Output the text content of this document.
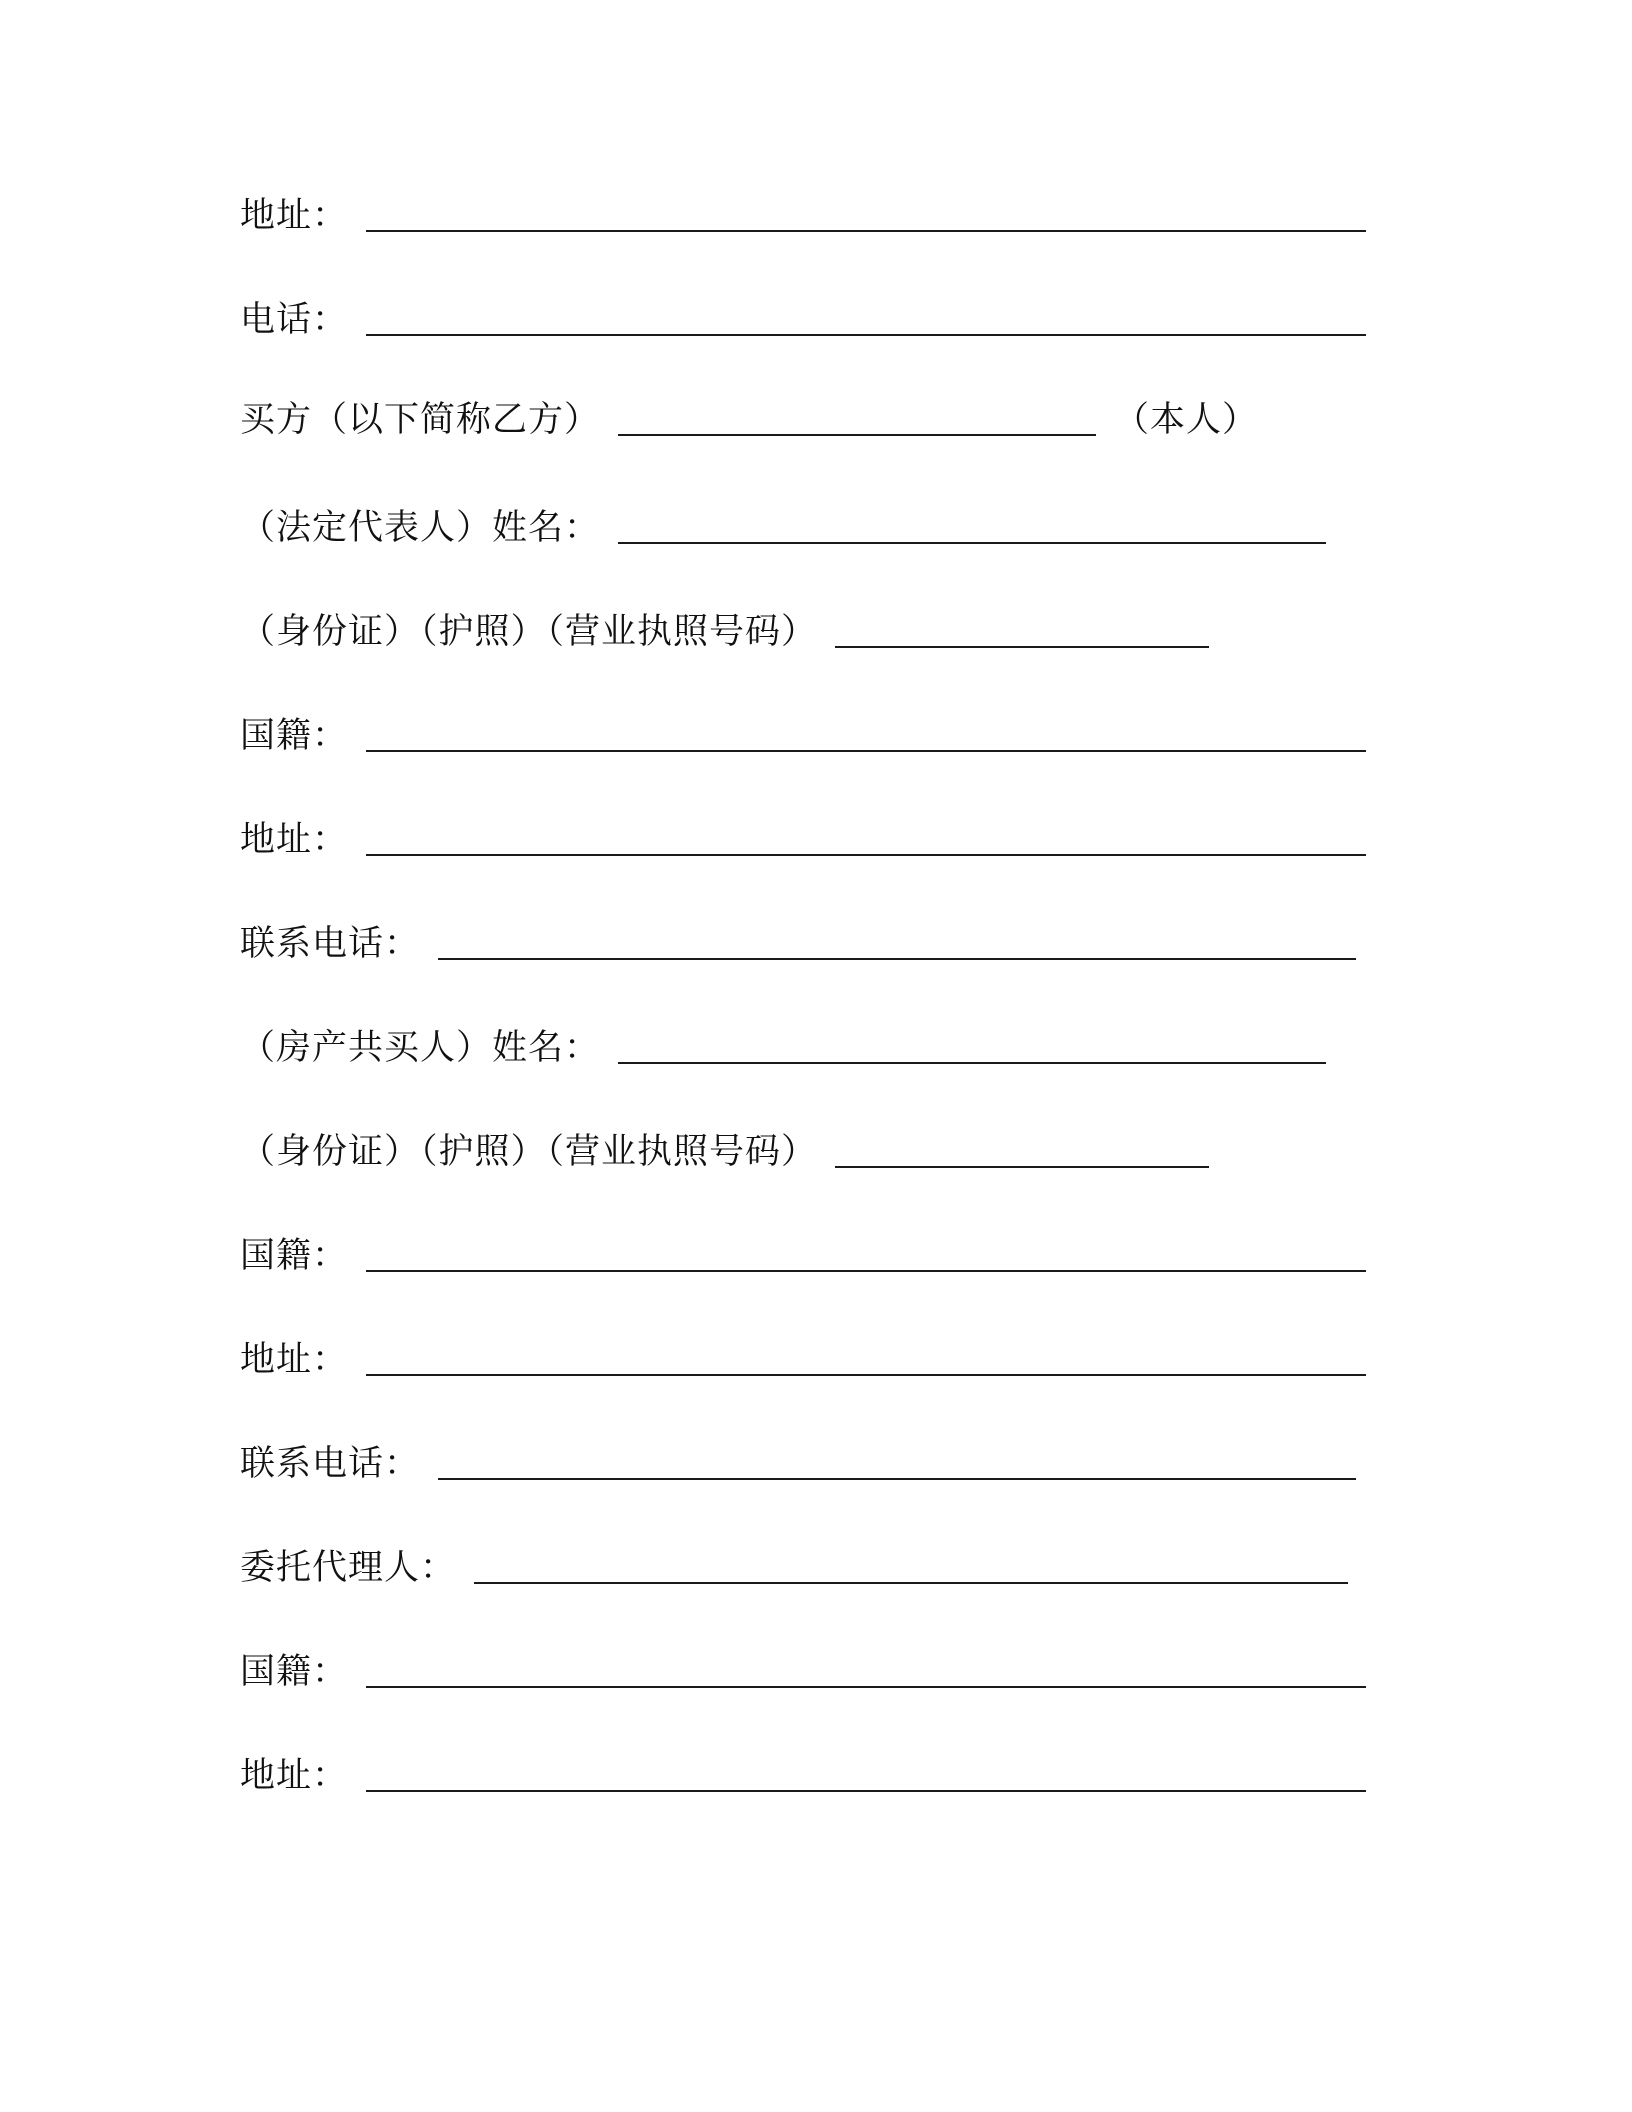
地址：
电话：
买方（以下简称乙方）	（本人）
（法定代表人）姓名：
（身份证）（护照）（营业执照号码）
国籍：
地址：
联系电话：
（房产共买人）姓名：
（身份证）（护照）（营业执照号码）
国籍：
地址：
联系电话：
委托代理人：
国籍：
地址：
